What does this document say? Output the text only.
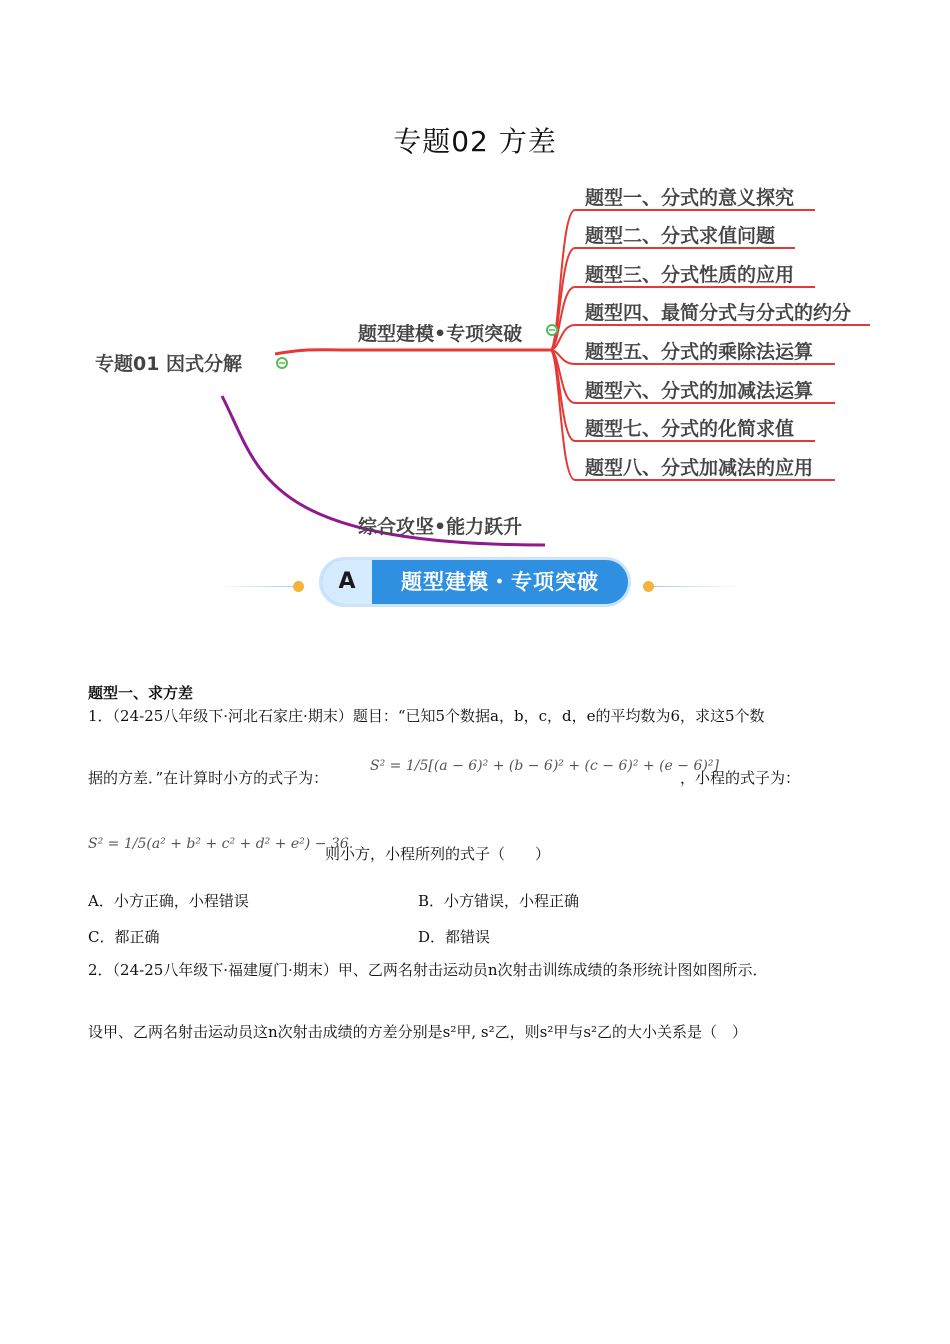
专题02 方差
专题01 因式分解
题型建模•专项突破
综合攻坚•能力跃升
题型一、分式的意义探究
题型二、分式求值问题
题型三、分式性质的应用
题型四、最简分式与分式的约分
题型五、分式的乘除法运算
题型六、分式的加减法运算
题型七、分式的化简求值
题型八、分式加减法的应用
A	题型建模・专项突破
题型一、求方差
1．（24-25八年级下·河北石家庄·期末）题目：“已知5个数据a，b，c，d，e的平均数为6，求这5个数
据的方差．”在计算时小方的式子为：
S² = 1/5[(a − 6)² + (b − 6)² + (c − 6)² + (e − 6)²]
，小程的式子为：
S² = 1/5(a² + b² + c² + d² + e²) − 36.
则小方，小程所列的式子（　　）
A．小方正确，小程错误	B．小方错误，小程正确
C．都正确	D．都错误
2．（24-25八年级下·福建厦门·期末）甲、乙两名射击运动员n次射击训练成绩的条形统计图如图所示．
设甲、乙两名射击运动员这n次射击成绩的方差分别是s²甲, s²乙，则s²甲与s²乙的大小关系是（　）
